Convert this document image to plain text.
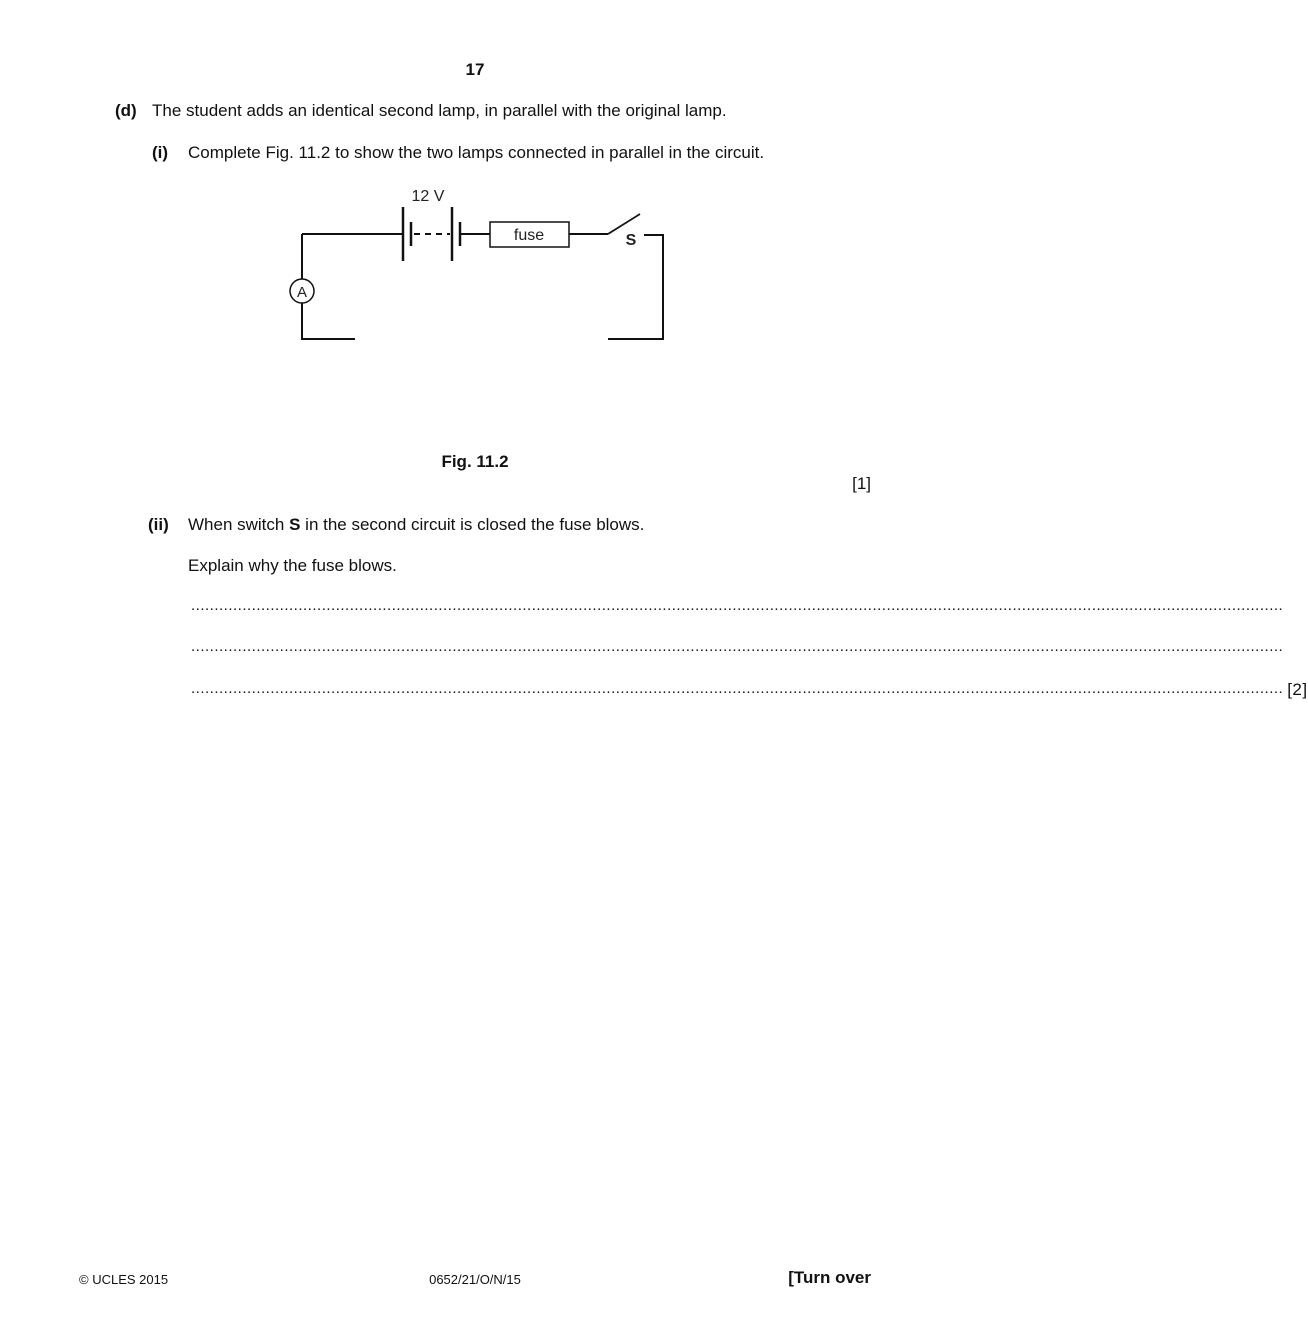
17
(d) The student adds an identical second lamp, in parallel with the original lamp.
(i) Complete Fig. 11.2 to show the two lamps connected in parallel in the circuit.
12 V
fuse	S
A
Fig. 11.2
[1]
(ii) When switch S in the second circuit is closed the fuse blows.
Explain why the fuse blows.
..........................................................................................................................................................................................................................................
..........................................................................................................................................................................................................................................
.......................................................................................................................................................................................................................................... [2]
© UCLES 2015	0652/21/O/N/15	[Turn over
